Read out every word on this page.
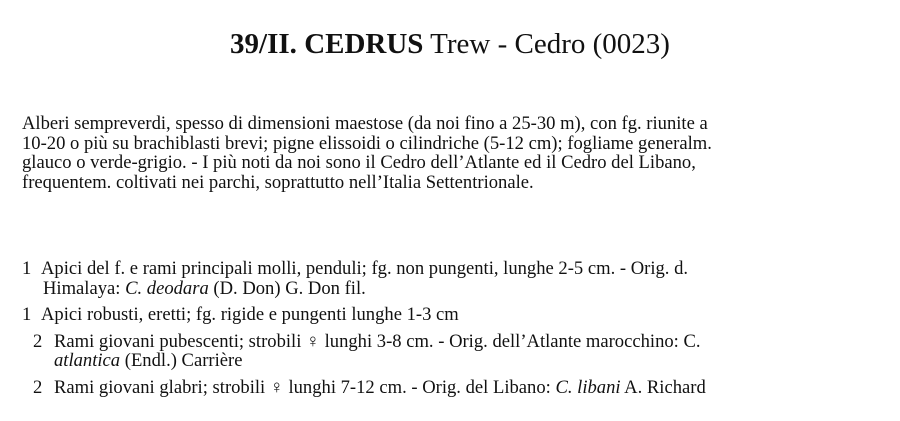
39/II. CEDRUS Trew - Cedro (0023)
Alberi sempreverdi, spesso di dimensioni maestose (da noi fino a 25-30 m), con fg. riunite a
10-20 o più su brachiblasti brevi; pigne elissoidi o cilindriche (5-12 cm); fogliame generalm.
glauco o verde-grigio. - I più noti da noi sono il Cedro dell’Atlante ed il Cedro del Libano,
frequentem. coltivati nei parchi, soprattutto nell’Italia Settentrionale.
1 Apici del f. e rami principali molli, penduli; fg. non pungenti, lunghe 2-5 cm. - Orig. d.
Himalaya: C. deodara (D. Don) G. Don fil.
1 Apici robusti, eretti; fg. rigide e pungenti lunghe 1-3 cm
2 Rami giovani pubescenti; strobili ♀ lunghi 3-8 cm. - Orig. dell’Atlante marocchino: C.
atlantica (Endl.) Carrière
2 Rami giovani glabri; strobili ♀ lunghi 7-12 cm. - Orig. del Libano: C. libani A. Richard
